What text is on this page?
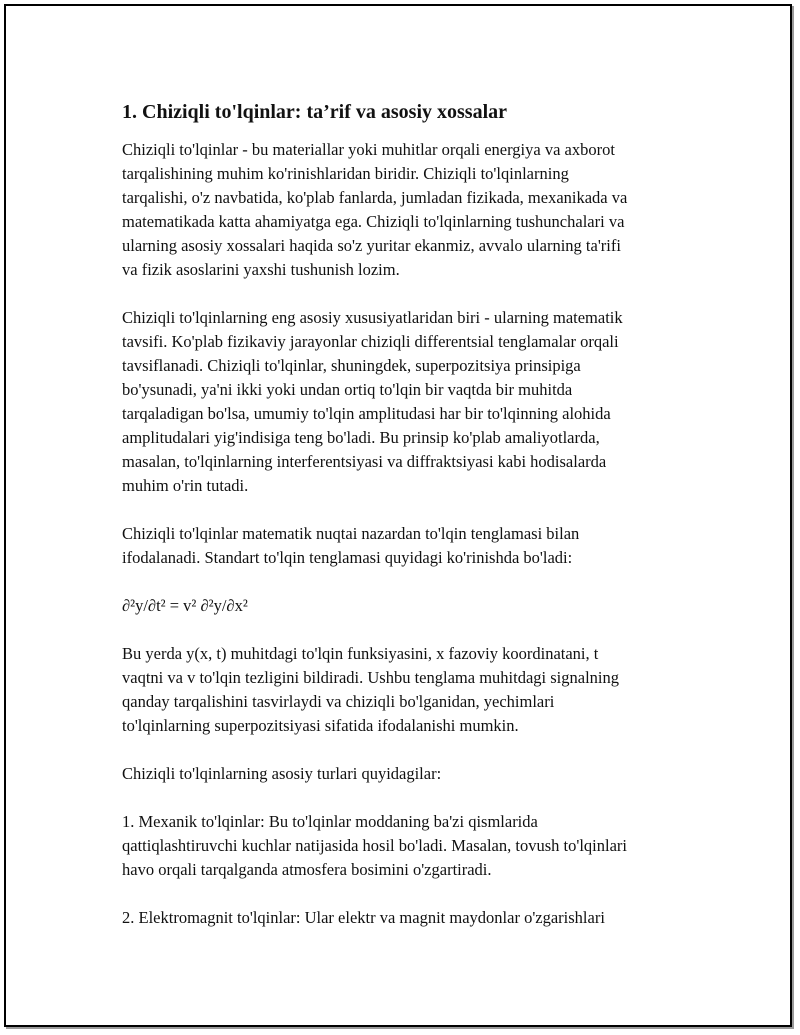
1. Chiziqli to'lqinlar: ta’rif va asosiy xossalar

Chiziqli to'lqinlar - bu materiallar yoki muhitlar orqali energiya va axborot
tarqalishining muhim ko'rinishlaridan biridir. Chiziqli to'lqinlarning
tarqalishi, o'z navbatida, ko'plab fanlarda, jumladan fizikada, mexanikada va
matematikada katta ahamiyatga ega. Chiziqli to'lqinlarning tushunchalari va
ularning asosiy xossalari haqida so'z yuritar ekanmiz, avvalo ularning ta'rifi
va fizik asoslarini yaxshi tushunish lozim.

Chiziqli to'lqinlarning eng asosiy xususiyatlaridan biri - ularning matematik
tavsifi. Ko'plab fizikaviy jarayonlar chiziqli differentsial tenglamalar orqali
tavsiflanadi. Chiziqli to'lqinlar, shuningdek, superpozitsiya prinsipiga
bo'ysunadi, ya'ni ikki yoki undan ortiq to'lqin bir vaqtda bir muhitda
tarqaladigan bo'lsa, umumiy to'lqin amplitudasi har bir to'lqinning alohida
amplitudalari yig'indisiga teng bo'ladi. Bu prinsip ko'plab amaliyotlarda,
masalan, to'lqinlarning interferentsiyasi va diffraktsiyasi kabi hodisalarda
muhim o'rin tutadi.

Chiziqli to'lqinlar matematik nuqtai nazardan to'lqin tenglamasi bilan
ifodalanadi. Standart to'lqin tenglamasi quyidagi ko'rinishda bo'ladi:

∂²y/∂t² = v² ∂²y/∂x²

Bu yerda y(x, t) muhitdagi to'lqin funksiyasini, x fazoviy koordinatani, t
vaqtni va v to'lqin tezligini bildiradi. Ushbu tenglama muhitdagi signalning
qanday tarqalishini tasvirlaydi va chiziqli bo'lganidan, yechimlari
to'lqinlarning superpozitsiyasi sifatida ifodalanishi mumkin.

Chiziqli to'lqinlarning asosiy turlari quyidagilar:

1. Mexanik to'lqinlar: Bu to'lqinlar moddaning ba'zi qismlarida
qattiqlashtiruvchi kuchlar natijasida hosil bo'ladi. Masalan, tovush to'lqinlari
havo orqali tarqalganda atmosfera bosimini o'zgartiradi.

2. Elektromagnit to'lqinlar: Ular elektr va magnit maydonlar o'zgarishlari
